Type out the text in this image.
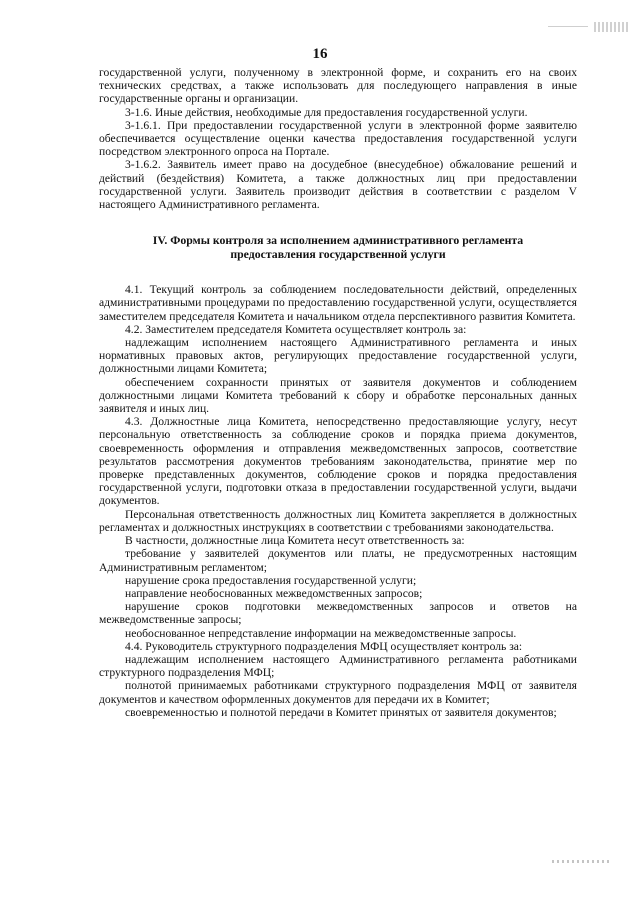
16

государственной услуги, полученному в электронной форме, и сохранить его на своих технических средствах, а также использовать для последующего направления в иные государственные органы и организации.

3-1.6. Иные действия, необходимые для предоставления государственной услуги.

3-1.6.1. При предоставлении государственной услуги в электронной форме заявителю обеспечивается осуществление оценки качества предоставления государственной услуги посредством электронного опроса на Портале.

3-1.6.2. Заявитель имеет право на досудебное (внесудебное) обжалование решений и действий (бездействия) Комитета, а также должностных лиц при предоставлении государственной услуги. Заявитель производит действия в соответствии с разделом V настоящего Административного регламента.

IV. Формы контроля за исполнением административного регламента
предоставления государственной услуги

4.1. Текущий контроль за соблюдением последовательности действий, определенных административными процедурами по предоставлению государственной услуги, осуществляется заместителем председателя Комитета и начальником отдела перспективного развития Комитета.

4.2. Заместителем председателя Комитета осуществляет контроль за:

надлежащим исполнением настоящего Административного регламента и иных нормативных правовых актов, регулирующих предоставление государственной услуги, должностными лицами Комитета;

обеспечением сохранности принятых от заявителя документов и соблюдением должностными лицами Комитета требований к сбору и обработке персональных данных заявителя и иных лиц.

4.3. Должностные лица Комитета, непосредственно предоставляющие услугу, несут персональную ответственность за соблюдение сроков и порядка приема документов, своевременность оформления и отправления межведомственных запросов, соответствие результатов рассмотрения документов требованиям законодательства, принятие мер по проверке представленных документов, соблюдение сроков и порядка предоставления государственной услуги, подготовки отказа в предоставлении государственной услуги, выдачи документов.

Персональная ответственность должностных лиц Комитета закрепляется в должностных регламентах и должностных инструкциях в соответствии с требованиями законодательства.

В частности, должностные лица Комитета несут ответственность за:

требование у заявителей документов или платы, не предусмотренных настоящим Административным регламентом;

нарушение срока предоставления государственной услуги;

направление необоснованных межведомственных запросов;

нарушение сроков подготовки межведомственных запросов и ответов на межведомственные запросы;

необоснованное непредставление информации на межведомственные запросы.

4.4. Руководитель структурного подразделения МФЦ осуществляет контроль за:

надлежащим исполнением настоящего Административного регламента работниками структурного подразделения МФЦ;

полнотой принимаемых работниками структурного подразделения МФЦ от заявителя документов и качеством оформленных документов для передачи их в Комитет;

своевременностью и полнотой передачи в Комитет принятых от заявителя документов;
